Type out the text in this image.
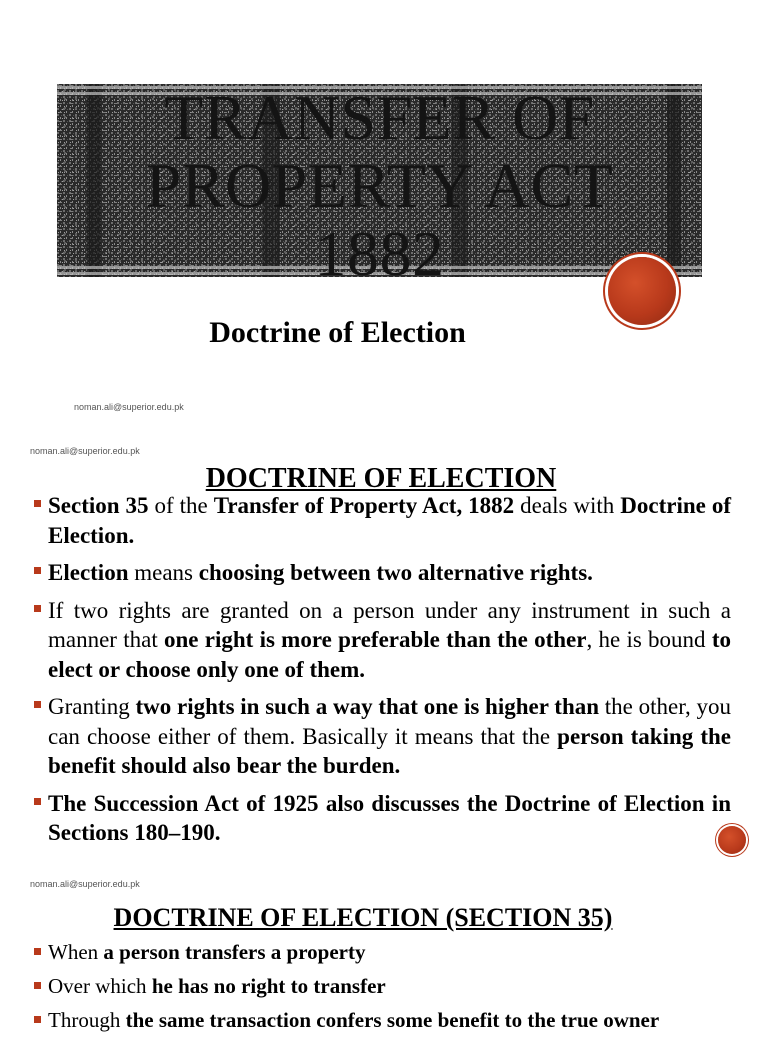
TRANSFER OF
PROPERTY ACT
1882
Doctrine of Election
noman.ali@superior.edu.pk
noman.ali@superior.edu.pk
DOCTRINE OF ELECTION
Section 35 of the Transfer of Property Act, 1882 deals with Doctrine of Election.
Election means choosing between two alternative rights.
If two rights are granted on a person under any instrument in such a manner that one right is more preferable than the other, he is bound to elect or choose only one of them.
Granting two rights in such a way that one is higher than the other, you can choose either of them. Basically it means that the person taking the benefit should also bear the burden.
The Succession Act of 1925 also discusses the Doctrine of Election in Sections 180–190.
noman.ali@superior.edu.pk
DOCTRINE OF ELECTION (SECTION 35)
When a person transfers a property
Over which he has no right to transfer
Through the same transaction confers some benefit to the true owner
